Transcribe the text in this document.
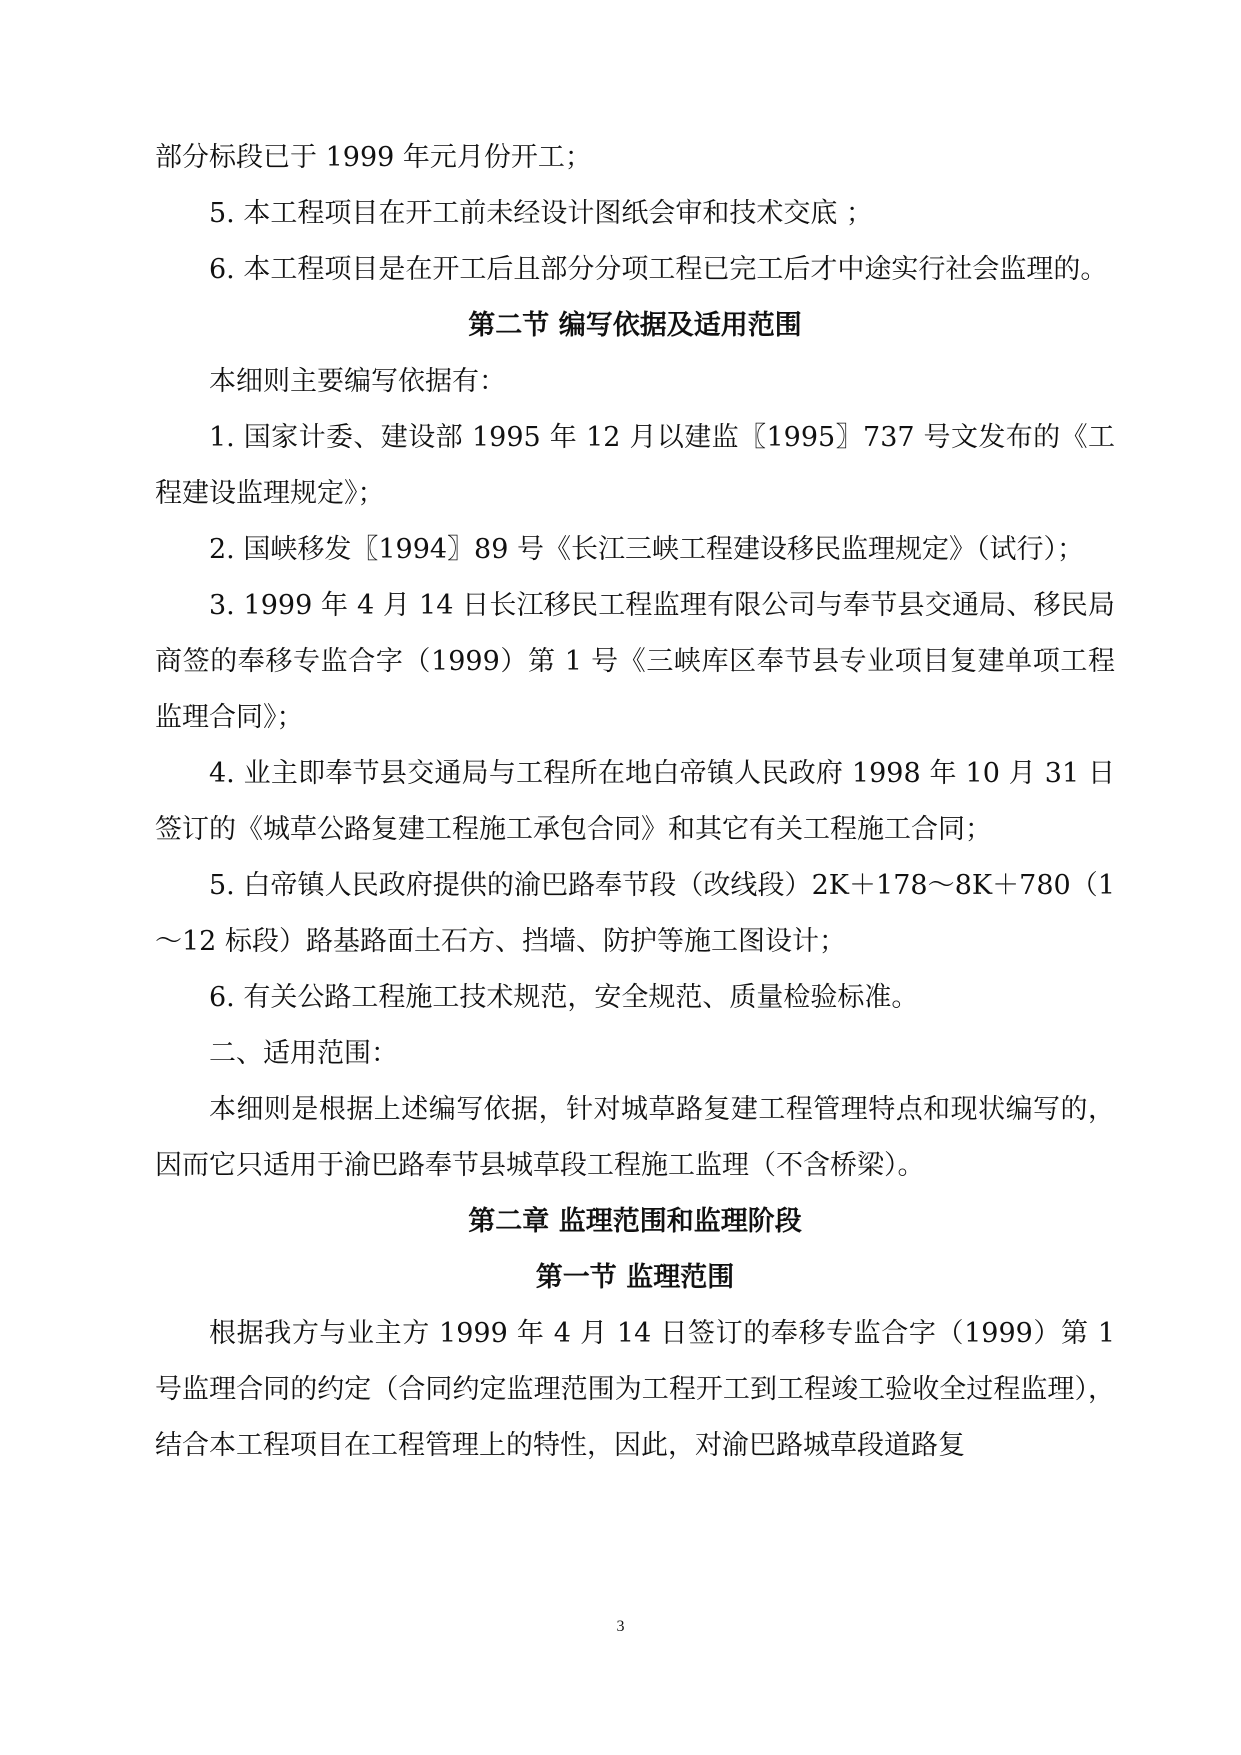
部分标段已于 1999 年元月份开工；

5. 本工程项目在开工前未经设计图纸会审和技术交底 ；

6. 本工程项目是在开工后且部分分项工程已完工后才中途实行社会监理的。

第二节 编写依据及适用范围

本细则主要编写依据有：

1. 国家计委、建设部 1995 年 12 月以建监〖1995〗737 号文发布的《工程建设监理规定》；

2. 国峡移发〖1994〗89 号《长江三峡工程建设移民监理规定》（试行）；

3. 1999 年 4 月 14 日长江移民工程监理有限公司与奉节县交通局、移民局商签的奉移专监合字（1999）第 1 号《三峡库区奉节县专业项目复建单项工程监理合同》；

4. 业主即奉节县交通局与工程所在地白帝镇人民政府 1998 年 10 月 31 日签订的《城草公路复建工程施工承包合同》和其它有关工程施工合同；

5. 白帝镇人民政府提供的渝巴路奉节段（改线段）2K＋178～8K＋780（1～12 标段）路基路面土石方、挡墙、防护等施工图设计；

6. 有关公路工程施工技术规范，安全规范、质量检验标准。

二、适用范围：

本细则是根据上述编写依据，针对城草路复建工程管理特点和现状编写的，因而它只适用于渝巴路奉节县城草段工程施工监理（不含桥梁）。

第二章 监理范围和监理阶段

第一节 监理范围

根据我方与业主方 1999 年 4 月 14 日签订的奉移专监合字（1999）第 1 号监理合同的约定（合同约定监理范围为工程开工到工程竣工验收全过程监理），结合本工程项目在工程管理上的特性，因此，对渝巴路城草段道路复

3
